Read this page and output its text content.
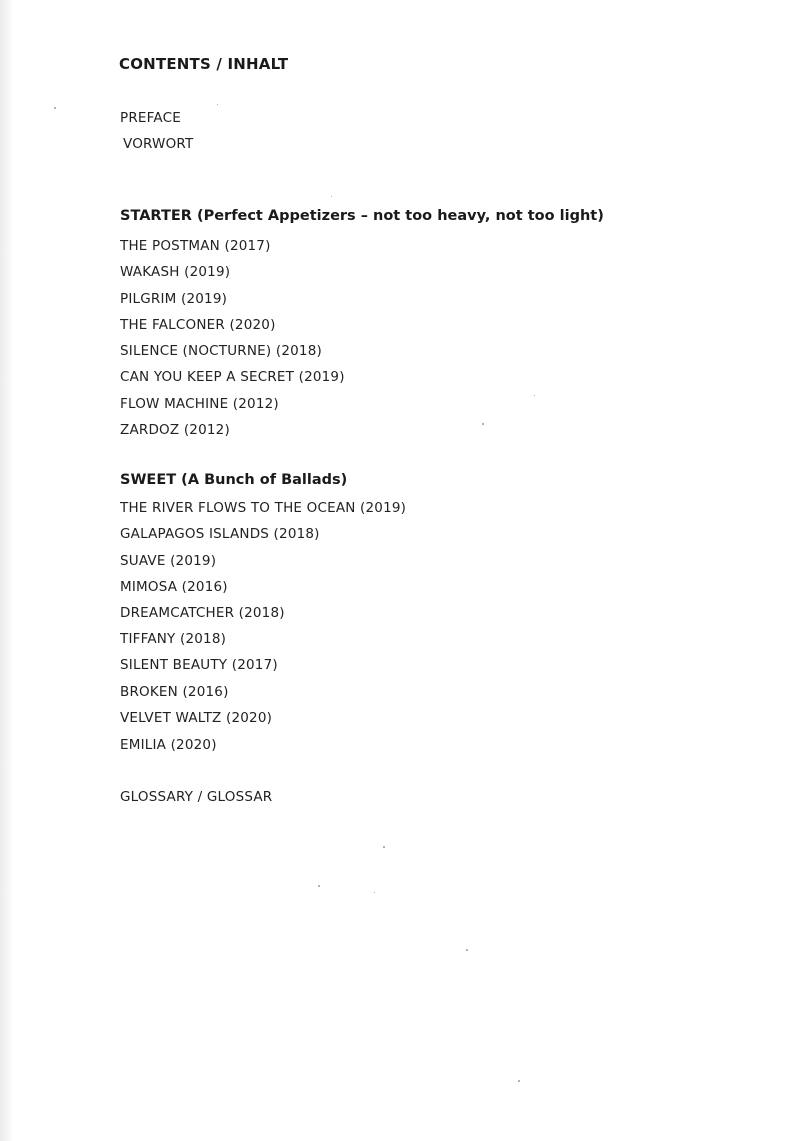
CONTENTS / INHALT
PREFACE
VORWORT
STARTER (Perfect Appetizers – not too heavy, not too light)
THE POSTMAN (2017)
WAKASH (2019)
PILGRIM (2019)
THE FALCONER (2020)
SILENCE (NOCTURNE) (2018)
CAN YOU KEEP A SECRET (2019)
FLOW MACHINE (2012)
ZARDOZ (2012)
SWEET (A Bunch of Ballads)
THE RIVER FLOWS TO THE OCEAN (2019)
GALAPAGOS ISLANDS (2018)
SUAVE (2019)
MIMOSA (2016)
DREAMCATCHER (2018)
TIFFANY (2018)
SILENT BEAUTY (2017)
BROKEN (2016)
VELVET WALTZ (2020)
EMILIA (2020)
GLOSSARY / GLOSSAR
